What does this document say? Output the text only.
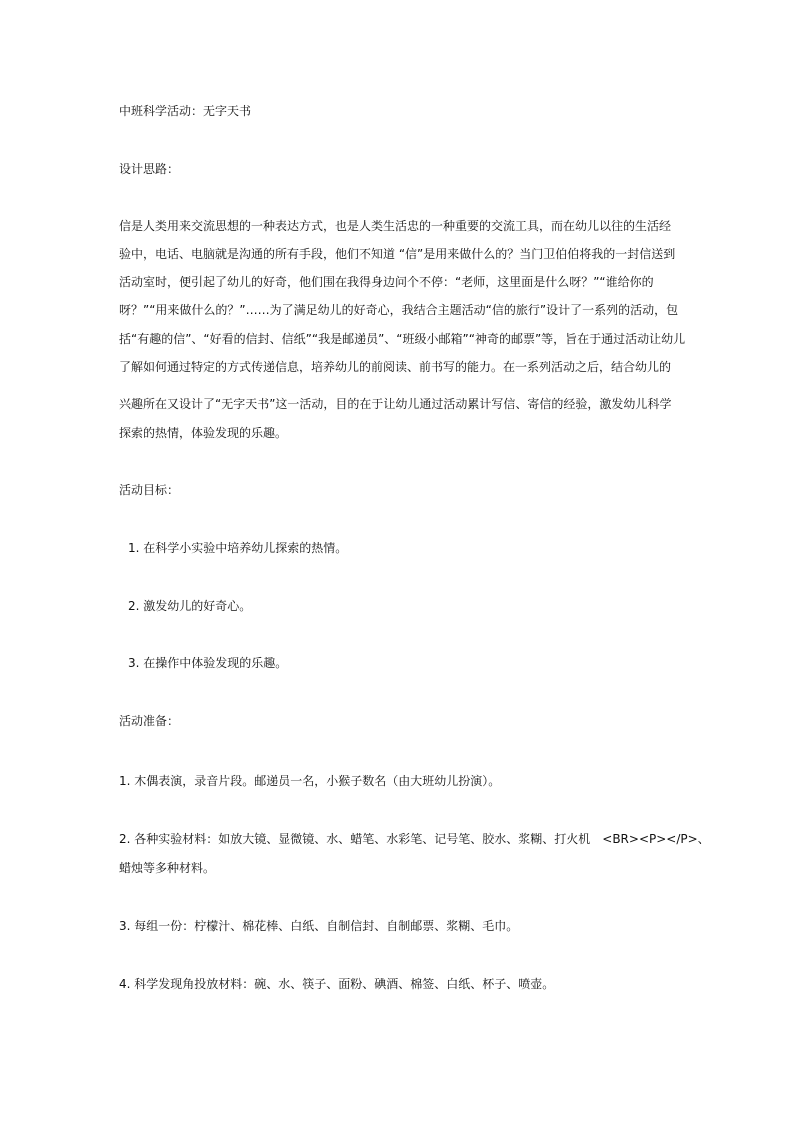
中班科学活动：无字天书
设计思路：
信是人类用来交流思想的一种表达方式，也是人类生活忠的一种重要的交流工具，而在幼儿以往的生活经
验中，电话、电脑就是沟通的所有手段，他们不知道 “信”是用来做什么的？当门卫伯伯将我的一封信送到
活动室时，便引起了幼儿的好奇，他们围在我得身边问个不停：“老师，这里面是什么呀？”“谁给你的
呀？”“用来做什么的？”……为了满足幼儿的好奇心，我结合主题活动“信的旅行”设计了一系列的活动，包
括“有趣的信”、“好看的信封、信纸”“我是邮递员”、“班级小邮箱”“神奇的邮票”等，旨在于通过活动让幼儿
了解如何通过特定的方式传递信息，培养幼儿的前阅读、前书写的能力。在一系列活动之后，结合幼儿的
兴趣所在又设计了“无字天书”这一活动，目的在于让幼儿通过活动累计写信、寄信的经验，激发幼儿科学
探索的热情，体验发现的乐趣。
活动目标：
1. 在科学小实验中培养幼儿探索的热情。
2. 激发幼儿的好奇心。
3. 在操作中体验发现的乐趣。
活动准备：
1. 木偶表演，录音片段。邮递员一名，小猴子数名（由大班幼儿扮演）。
2. 各种实验材料：如放大镜、显微镜、水、蜡笔、水彩笔、记号笔、胶水、浆糊、打火机　<BR><P></P>、
蜡烛等多种材料。
3. 每组一份：柠檬汁、棉花棒、白纸、自制信封、自制邮票、浆糊、毛巾。
4. 科学发现角投放材料：碗、水、筷子、面粉、碘酒、棉签、白纸、杯子、喷壶。
